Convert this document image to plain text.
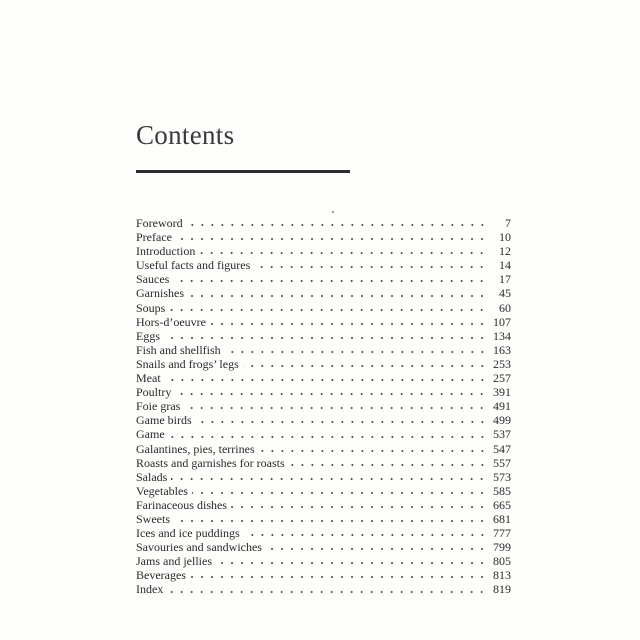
Contents
Foreword	7
Preface	10
Introduction	12
Useful facts and figures	14
Sauces	17
Garnishes	45
Soups	60
Hors-d’oeuvre	107
Eggs	134
Fish and shellfish	163
Snails and frogs’ legs	253
Meat	257
Poultry	391
Foie gras	491
Game birds	499
Game	537
Galantines, pies, terrines	547
Roasts and garnishes for roasts	557
Salads	573
Vegetables	585
Farinaceous dishes	665
Sweets	681
Ices and ice puddings	777
Savouries and sandwiches	799
Jams and jellies	805
Beverages	813
Index	819
